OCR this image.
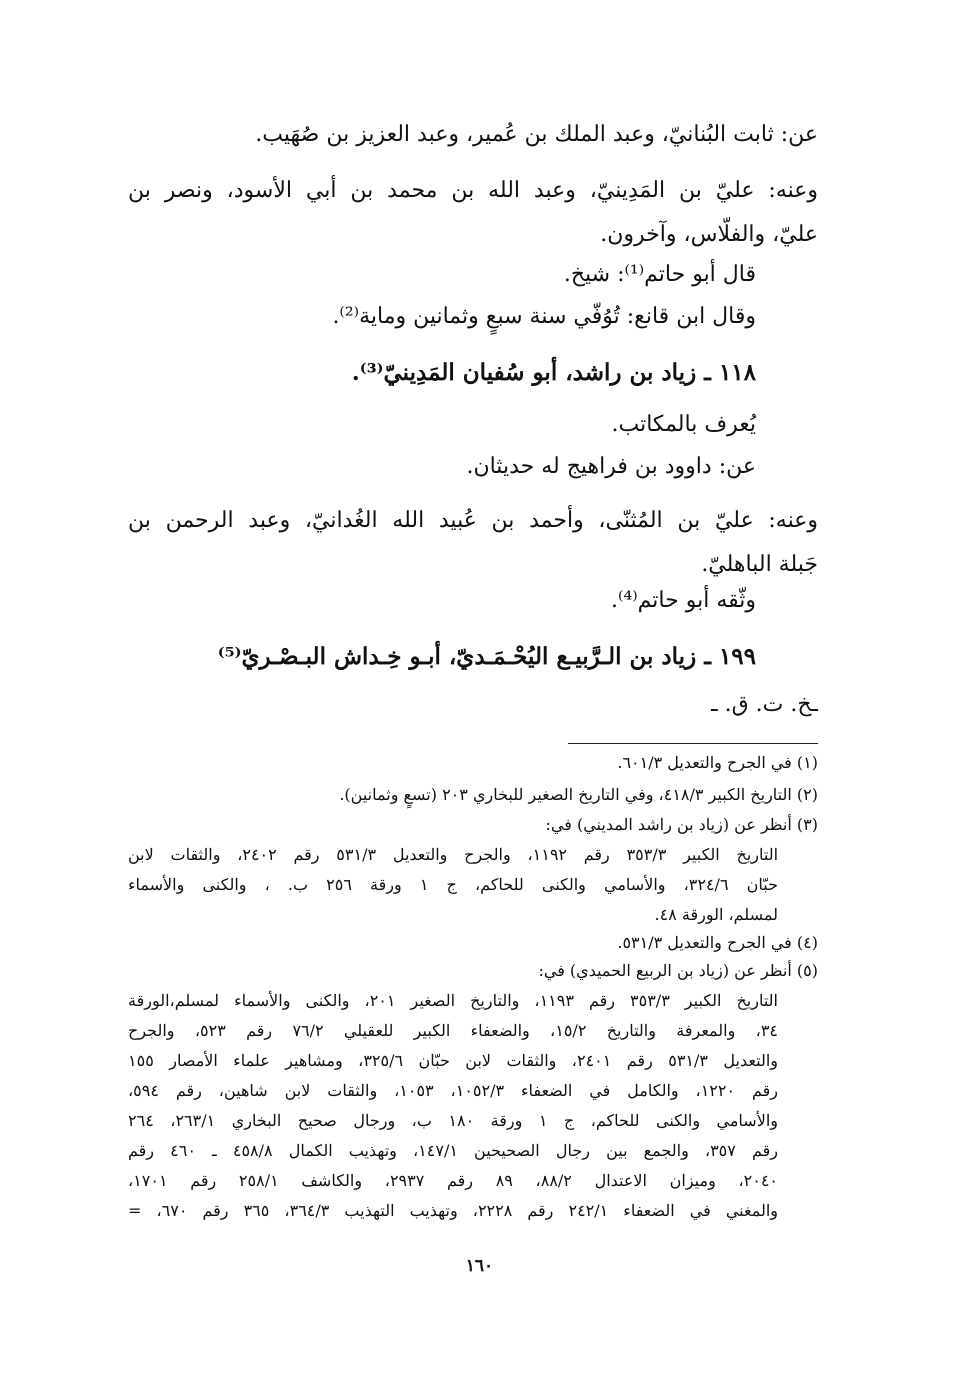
عن: ثابت البُنانيّ، وعبد الملك بن عُمير، وعبد العزيز بن صُهَيب.
وعنه: عليّ بن المَدِينيّ، وعبد الله بن محمد بن أبي الأسود، ونصر بن
عليّ، والفلّاس، وآخرون.
قال أبو حاتم⁽¹⁾: شيخ.
وقال ابن قانع: تُوُفّي سنة سبعٍ وثمانين وماية⁽²⁾.
١١٨ ـ زياد بن راشد، أبو سُفيان المَدِينيّ⁽³⁾.
يُعرف بالمكاتب.
عن: داوود بن فراهيج له حديثان.
وعنه: عليّ بن المُثنّى، وأحمد بن عُبيد الله الغُدانيّ، وعبد الرحمن بن
جَبلة الباهليّ.
وثّقه أبو حاتم⁽⁴⁾.
١٩٩ ـ زياد بن الـرَّبيـع اليُحْـمَـديّ، أبـو خِـداش البـصْـريّ⁽⁵⁾
ـخ. ت. ق. ـ
(١) في الجرح والتعديل ٦٠١/٣.
(٢) التاريخ الكبير ٤١٨/٣، وفي التاريخ الصغير للبخاري ٢٠٣ (تسعٍ وثمانين).
(٣) أنظر عن (زياد بن راشد المديني) في:
التاريخ الكبير ٣٥٣/٣ رقم ١١٩٢، والجرح والتعديل ٥٣١/٣ رقم ٢٤٠٢، والثقات لابن
حبّان ٣٢٤/٦، والأسامي والكنى للحاكم، ج ١ ورقة ٢٥٦ ب. ، والكنى والأسماء
لمسلم، الورقة ٤٨.
(٤) في الجرح والتعديل ٥٣١/٣.
(٥) أنظر عن (زياد بن الربيع الحميدي) في:
التاريخ الكبير ٣٥٣/٣ رقم ١١٩٣، والتاريخ الصغير ٢٠١، والكنى والأسماء لمسلم،الورقة
٣٤، والمعرفة والتاريخ ١٥/٢، والضعفاء الكبير للعقيلي ٧٦/٢ رقم ٥٢٣، والجرح
والتعديل ٥٣١/٣ رقم ٢٤٠١، والثقات لابن حبّان ٣٢٥/٦، ومشاهير علماء الأمصار ١٥٥
رقم ١٢٢٠، والكامل في الضعفاء ١٠٥٢/٣، ١٠٥٣، والثقات لابن شاهين، رقم ٥٩٤،
والأسامي والكنى للحاكم، ج ١ ورقة ١٨٠ ب، ورجال صحيح البخاري ٢٦٣/١، ٢٦٤
رقم ٣٥٧، والجمع بين رجال الصحيحين ١٤٧/١، وتهذيب الكمال ٤٥٨/٨ ـ ٤٦٠ رقم
٢٠٤٠، وميزان الاعتدال ٨٨/٢، ٨٩ رقم ٢٩٣٧، والكاشف ٢٥٨/١ رقم ١٧٠١،
والمغني في الضعفاء ٢٤٢/١ رقم ٢٢٢٨، وتهذيب التهذيب ٣٦٤/٣، ٣٦٥ رقم ٦٧٠، =
١٦٠
